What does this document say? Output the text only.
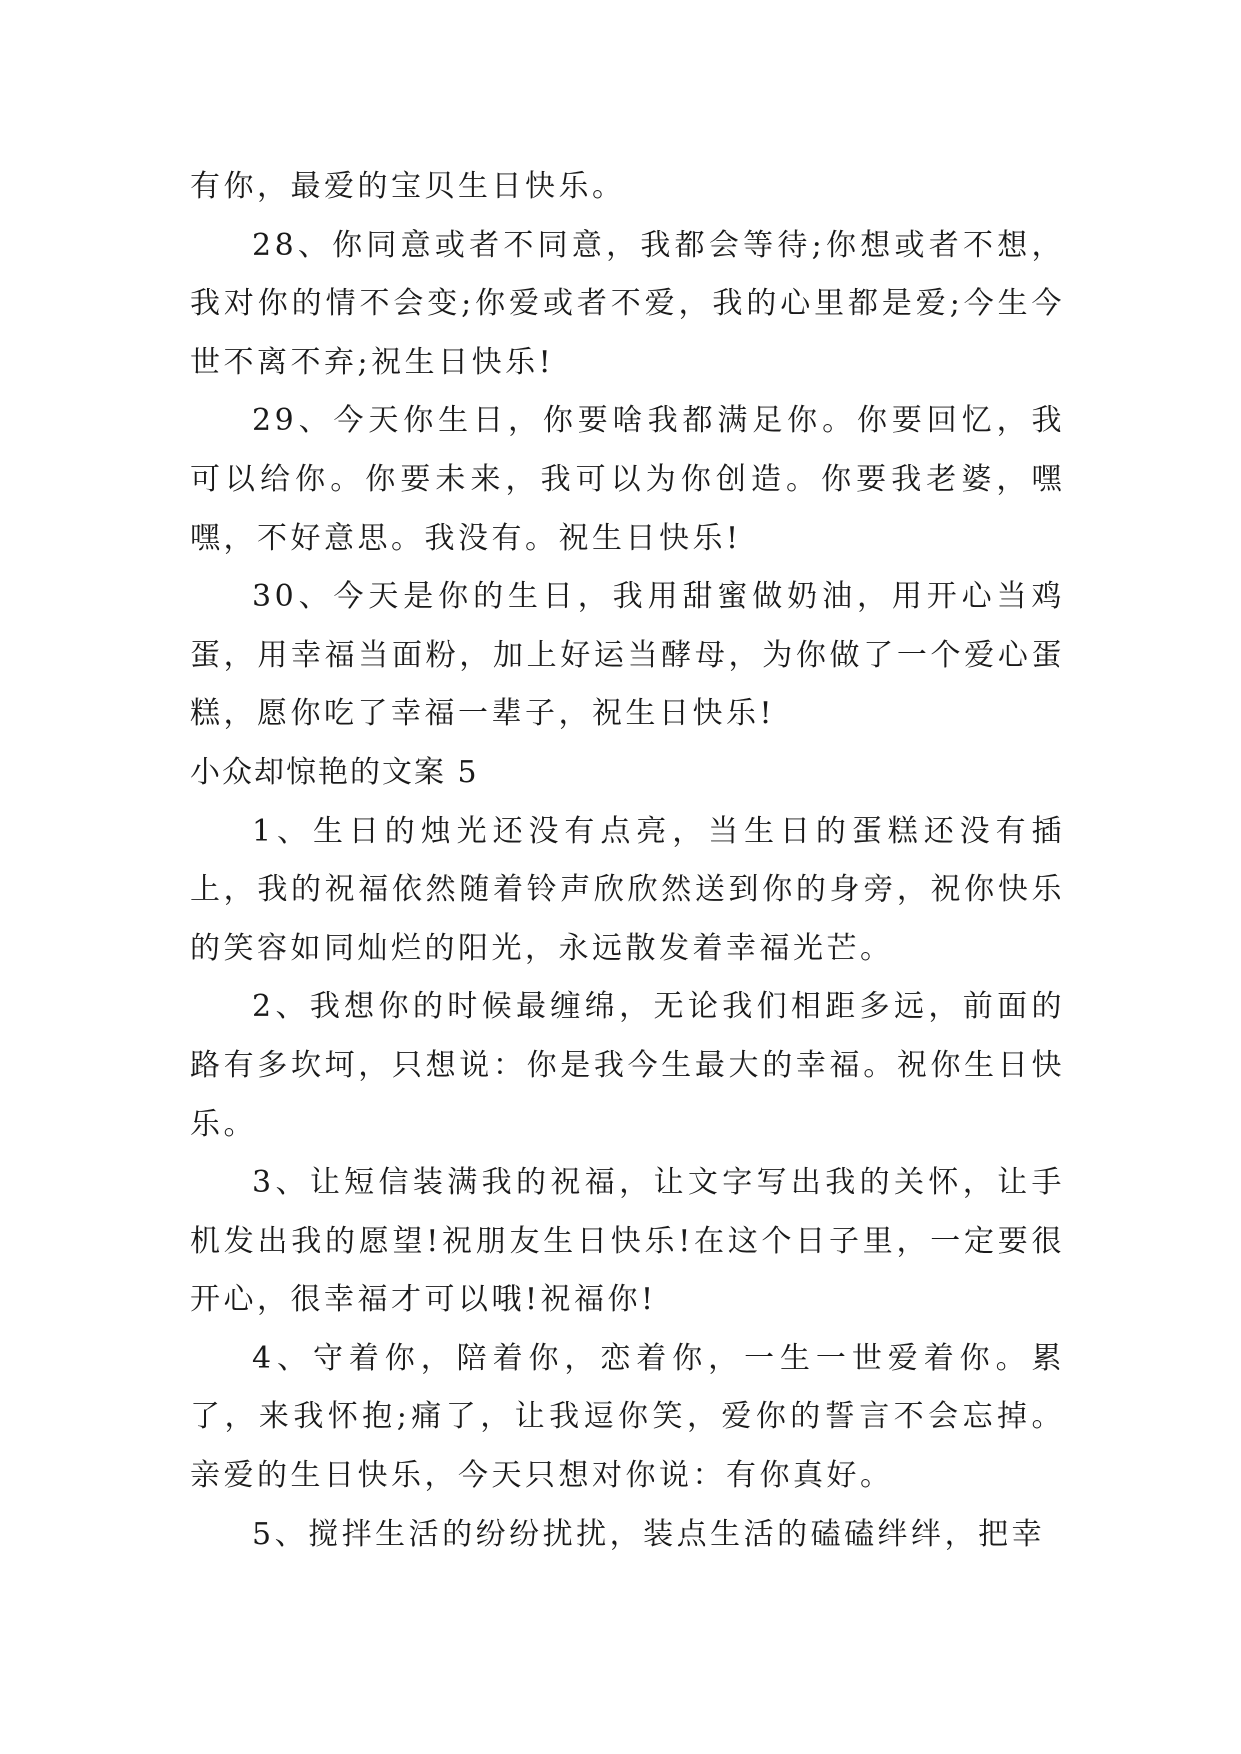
有你，最爱的宝贝生日快乐。

28、你同意或者不同意，我都会等待;你想或者不想，我对你的情不会变;你爱或者不爱，我的心里都是爱;今生今世不离不弃;祝生日快乐!

29、今天你生日，你要啥我都满足你。你要回忆，我可以给你。你要未来，我可以为你创造。你要我老婆，嘿嘿，不好意思。我没有。祝生日快乐!

30、今天是你的生日，我用甜蜜做奶油，用开心当鸡蛋，用幸福当面粉，加上好运当酵母，为你做了一个爱心蛋糕，愿你吃了幸福一辈子，祝生日快乐!

小众却惊艳的文案 5

1、生日的烛光还没有点亮，当生日的蛋糕还没有插上，我的祝福依然随着铃声欣欣然送到你的身旁，祝你快乐的笑容如同灿烂的阳光，永远散发着幸福光芒。

2、我想你的时候最缠绵，无论我们相距多远，前面的路有多坎坷，只想说：你是我今生最大的幸福。祝你生日快乐。

3、让短信装满我的祝福，让文字写出我的关怀，让手机发出我的愿望!祝朋友生日快乐!在这个日子里，一定要很开心，很幸福才可以哦!祝福你!

4、守着你，陪着你，恋着你，一生一世爱着你。累了，来我怀抱;痛了，让我逗你笑，爱你的誓言不会忘掉。亲爱的生日快乐，今天只想对你说：有你真好。

5、搅拌生活的纷纷扰扰，装点生活的磕磕绊绊，把幸
